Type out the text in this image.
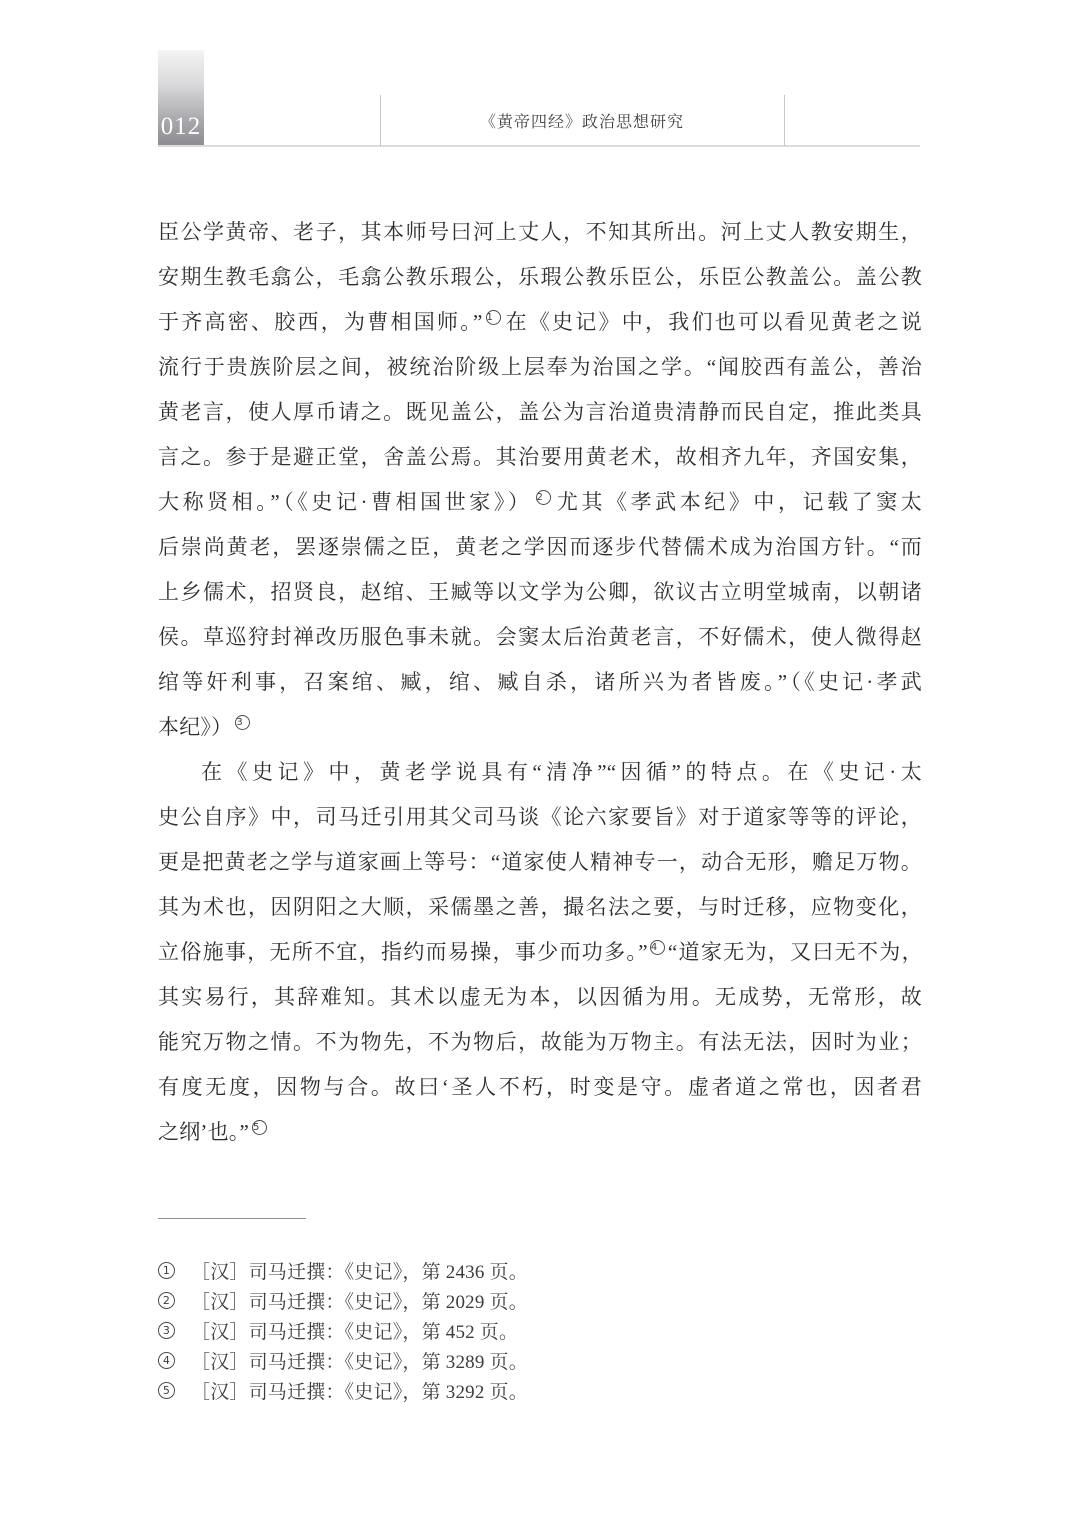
012	《黄帝四经》政治思想研究
臣公学黄帝、老子，其本师号曰河上丈人，不知其所出。河上丈人教安期生，
安期生教毛翕公，毛翕公教乐瑕公，乐瑕公教乐臣公，乐臣公教盖公。盖公教
于齐高密、胶西，为曹相国师。” 1 在《史记》中，我们也可以看见黄老之说
流行于贵族阶层之间，被统治阶级上层奉为治国之学。“闻胶西有盖公，善治
黄老言，使人厚币请之。既见盖公，盖公为言治道贵清静而民自定，推此类具
言之。参于是避正堂，舍盖公焉。其治要用黄老术，故相齐九年，齐国安集，
大称贤相。”（《史记·曹相国世家》） 2 尤其《孝武本纪》中，记载了窦太
后崇尚黄老，罢逐崇儒之臣，黄老之学因而逐步代替儒术成为治国方针。“而
上乡儒术，招贤良，赵绾、王臧等以文学为公卿，欲议古立明堂城南，以朝诸
侯。草巡狩封禅改历服色事未就。会窦太后治黄老言，不好儒术，使人微得赵
绾等奸利事，召案绾、臧，绾、臧自杀，诸所兴为者皆废。”（《史记·孝武
本纪》） 3
在《史记》中，黄老学说具有“清净”“因循”的特点。在《史记·太
史公自序》中，司马迁引用其父司马谈《论六家要旨》对于道家等等的评论，
更是把黄老之学与道家画上等号：“道家使人精神专一，动合无形，赡足万物。
其为术也，因阴阳之大顺，采儒墨之善，撮名法之要，与时迁移，应物变化，
立俗施事，无所不宜，指约而易操，事少而功多。” 4 “道家无为，又曰无不为，
其实易行，其辞难知。其术以虚无为本，以因循为用。无成势，无常形，故
能究万物之情。不为物先，不为物后，故能为万物主。有法无法，因时为业；
有度无度，因物与合。故曰‘圣人不朽，时变是守。虚者道之常也，因者君
之纲’也。” 5
1 ［汉］司马迁撰：《史记》，第 2436 页。
2 ［汉］司马迁撰：《史记》，第 2029 页。
3 ［汉］司马迁撰：《史记》，第 452 页。
4 ［汉］司马迁撰：《史记》，第 3289 页。
5 ［汉］司马迁撰：《史记》，第 3292 页。
